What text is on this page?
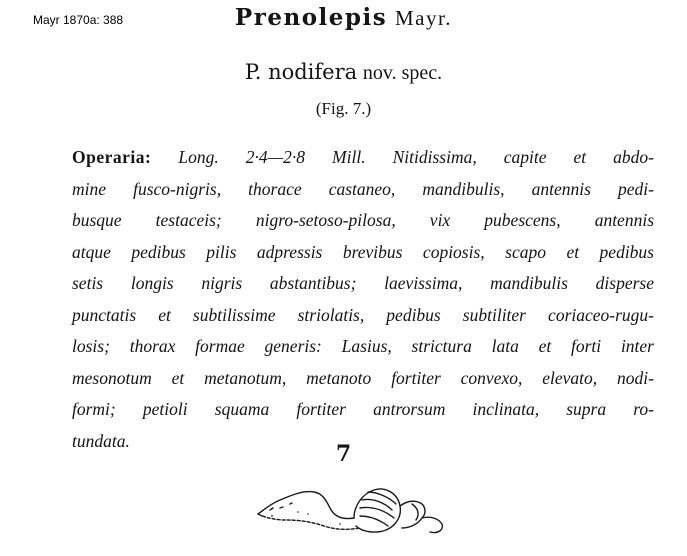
Mayr 1870a: 388	Prenolepis Mayr.
P. nodifera nov. spec.
(Fig. 7.)
Operaria: Long. 2·4—2·8 Mill. Nitidissima, capite et abdo-
mine fusco-nigris, thorace castaneo, mandibulis, antennis pedi-
busque testaceis; nigro-setoso-pilosa, vix pubescens, antennis
atque pedibus pilis adpressis brevibus copiosis, scapo et pedibus
setis longis nigris abstantibus; laevissima, mandibulis disperse
punctatis et subtilissime striolatis, pedibus subtiliter coriaceo-rugu-
losis; thorax formae generis: Lasius, strictura lata et forti inter
mesonotum et metanotum, metanoto fortiter convexo, elevato, nodi-
formi; petioli squama fortiter antrorsum inclinata, supra ro-
tundata.
7
